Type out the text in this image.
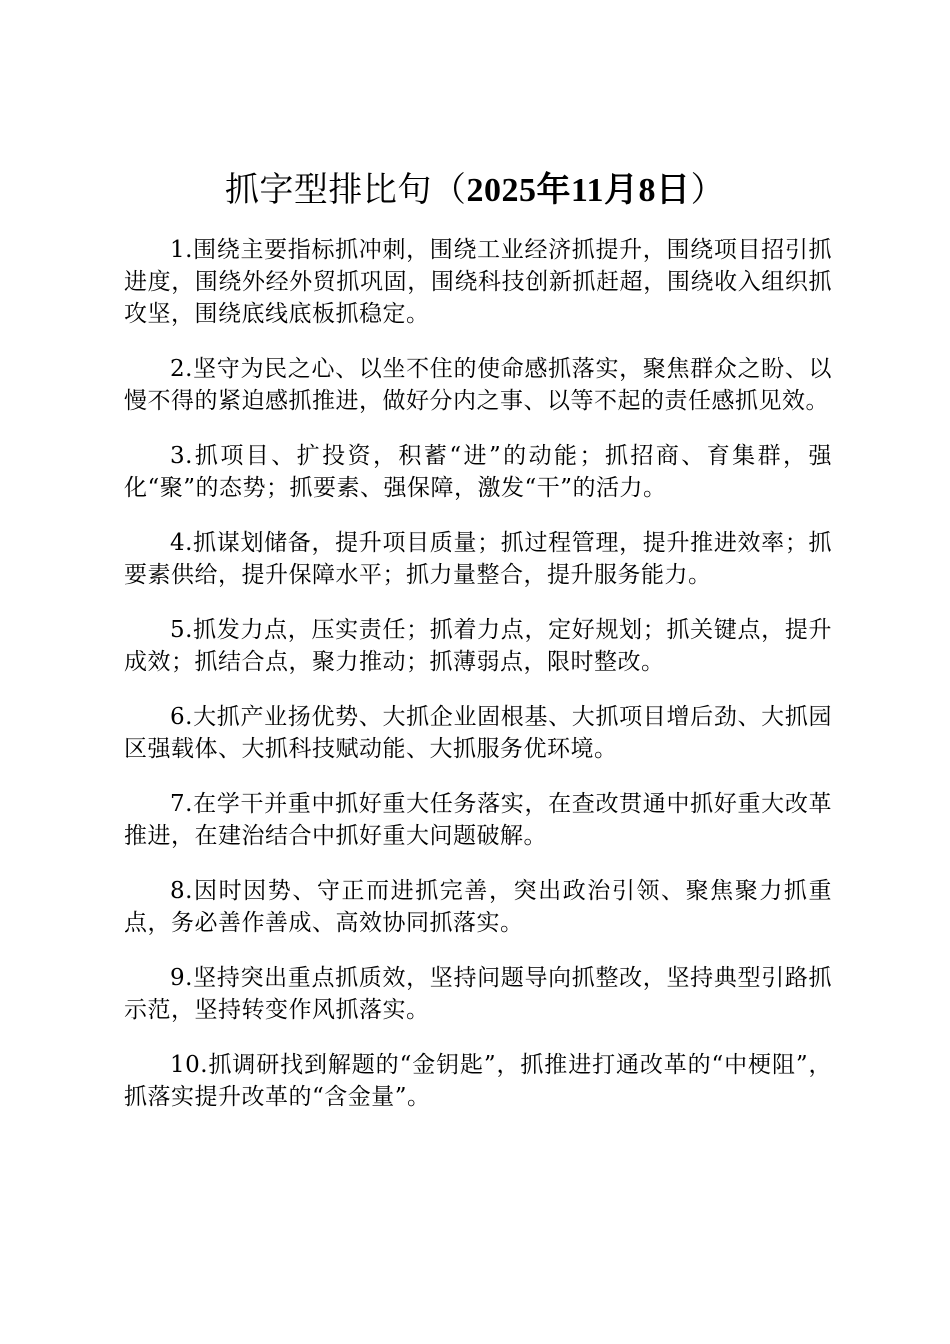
抓字型排比句（2025年11月8日）

1.围绕主要指标抓冲刺，围绕工业经济抓提升，围绕项目招引抓进度，围绕外经外贸抓巩固，围绕科技创新抓赶超，围绕收入组织抓攻坚，围绕底线底板抓稳定。

2.坚守为民之心、以坐不住的使命感抓落实，聚焦群众之盼、以慢不得的紧迫感抓推进，做好分内之事、以等不起的责任感抓见效。

3.抓项目、扩投资，积蓄“进”的动能；抓招商、育集群，强化“聚”的态势；抓要素、强保障，激发“干”的活力。

4.抓谋划储备，提升项目质量；抓过程管理，提升推进效率；抓要素供给，提升保障水平；抓力量整合，提升服务能力。

5.抓发力点，压实责任；抓着力点，定好规划；抓关键点，提升成效；抓结合点，聚力推动；抓薄弱点，限时整改。

6.大抓产业扬优势、大抓企业固根基、大抓项目增后劲、大抓园区强载体、大抓科技赋动能、大抓服务优环境。

7.在学干并重中抓好重大任务落实，在查改贯通中抓好重大改革推进，在建治结合中抓好重大问题破解。

8.因时因势、守正而进抓完善，突出政治引领、聚焦聚力抓重点，务必善作善成、高效协同抓落实。

9.坚持突出重点抓质效，坚持问题导向抓整改，坚持典型引路抓示范，坚持转变作风抓落实。

10.抓调研找到解题的“金钥匙”，抓推进打通改革的“中梗阻”，抓落实提升改革的“含金量”。
